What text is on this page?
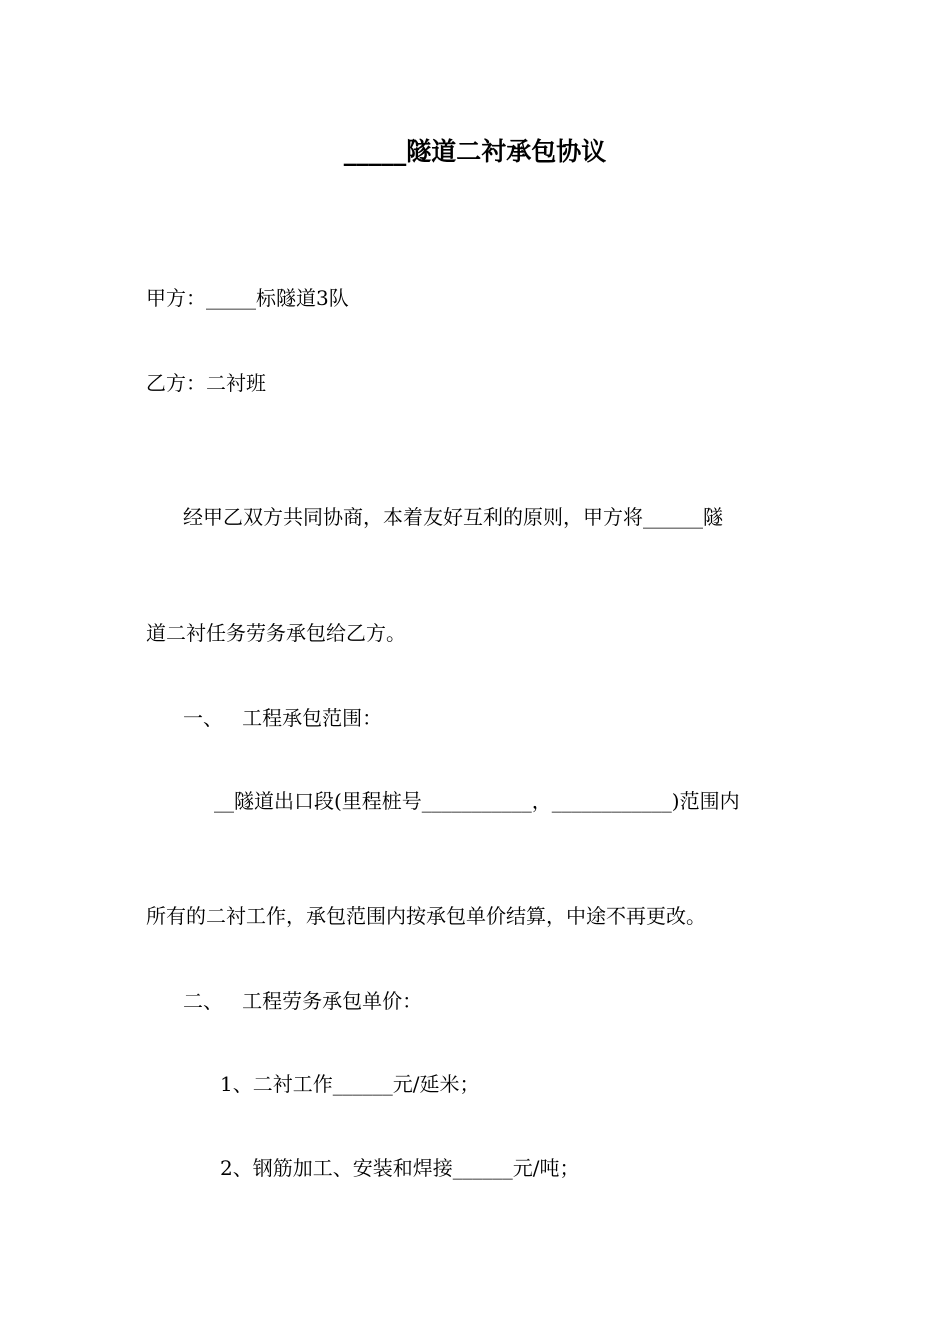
_____隧道二衬承包协议
甲方：_____标隧道3队
乙方：二衬班
经甲乙双方共同协商，本着友好互利的原则，甲方将______隧
道二衬任务劳务承包给乙方。
一、   工程承包范围：
__隧道出口段(里程桩号___________，____________)范围内
所有的二衬工作，承包范围内按承包单价结算，中途不再更改。
二、   工程劳务承包单价：
1、二衬工作______元/延米；
2、钢筋加工、安装和焊接______元/吨；
